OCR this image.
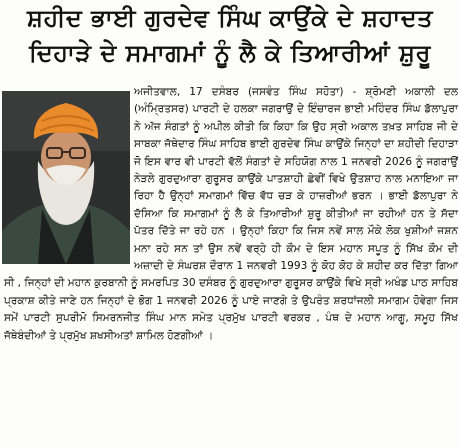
ਸ਼ਹੀਦ ਭਾਈ ਗੁਰਦੇਵ ਸਿੰਘ ਕਾਉਂਕੇ ਦੇ ਸ਼ਹਾਦਤ
ਦਿਹਾੜੇ ਦੇ ਸਮਾਗਮਾਂ ਨੂੰ ਲੈ ਕੇ ਤਿਆਰੀਆਂ ਸ਼ੁਰੂ

ਅਜੀਤਵਾਲ, 17 ਦਸੰਬਰ (ਜਸਵੰਤ ਸਿੰਘ ਸਹੋਤਾ) - ਸ਼੍ਰੋਮਣੀ ਅਕਾਲੀ ਦਲ (ਅੰਮ੍ਰਿਤਸਰ) ਪਾਰਟੀ ਦੇ ਹਲਕਾ ਜਗਰਾਉਂ ਦੇ ਇੰਚਾਰਜ ਭਾਈ ਮਹਿੰਦਰ ਸਿੰਘ ਡੱਲਾਪੁਰਾ ਨੇ ਅੱਜ ਸੰਗਤਾਂ ਨੂੰ ਅਪੀਲ ਕੀਤੀ ਕਿ ਕਿਹਾ ਕਿ ਉਹ ਸ੍ਰੀ ਅਕਾਲ ਤਖ਼ਤ ਸਾਹਿਬ ਜੀ ਦੇ ਸਾਬਕਾ ਜੱਥੇਦਾਰ ਸਿੰਘ ਸਾਹਿਬ ਭਾਈ ਗੁਰਦੇਵ ਸਿੰਘ ਕਾਉਂਕੇ ਜਿਨ੍ਹਾਂ ਦਾ ਸ਼ਹੀਦੀ ਦਿਹਾੜਾ ਜੋ ਇਸ ਵਾਰ ਵੀ ਪਾਰਟੀ ਵੱਲੋਂ ਸੰਗਤਾਂ ਦੇ ਸਹਿਯੋਗ ਨਾਲ 1 ਜਨਵਰੀ 2026 ਨੂੰ ਜਗਰਾਉਂ ਨੇੜਲੇ ਗੁਰਦੁਆਰਾ ਗੁਰੂਸਰ ਕਾਉਂਕੇ ਪਾਤਸ਼ਾਹੀ ਛੇਵੀਂ ਵਿਖੇ ਉਤਸ਼ਾਹ ਨਾਲ ਮਨਾਇਆ ਜਾ ਰਿਹਾ ਹੈ ਉਨ੍ਹਾਂ ਸਮਾਗਮਾਂ ਵਿੱਚ ਵੱਧ ਚੜ ਕੇ ਹਾਜ਼ਰੀਆਂ ਭਰਨ । ਭਾਈ ਡੱਲਾਪੁਰਾ ਨੇ ਦੱਸਿਆ ਕਿ ਸਮਾਗਮਾਂ ਨੂੰ ਲੈ ਕੇ ਤਿਆਰੀਆਂ ਸ਼ੁਰੂ ਕੀਤੀਆਂ ਜਾ ਰਹੀਆਂ ਹਨ ਤੇ ਸੱਦਾ ਪੱਤਰ ਦਿੱਤੇ ਜਾ ਰਹੇ ਹਨ । ਉਨ੍ਹਾਂ ਕਿਹਾ ਕਿ ਜਿਸ ਨਵੇਂ ਸਾਲ ਮੌਕੇ ਲੋਕ ਖੁਸ਼ੀਆਂ ਜਸ਼ਨ ਮਨਾ ਰਹੇ ਸਨ ਤਾਂ ਉਸ ਨਵੇਂ ਵਰ੍ਹੇ ਹੀ ਕੌਮ ਦੇ ਇਸ ਮਹਾਨ ਸਪੂਤ ਨੂੰ ਸਿੱਖ ਕੌਮ ਦੀ ਅਜ਼ਾਦੀ ਦੇ ਸੰਘਰਸ਼ ਦੌਰਾਨ 1 ਜਨਵਰੀ 1993 ਨੂੰ ਕੋਹ ਕੋਹ ਕੇ ਸ਼ਹੀਦ ਕਰ ਦਿੱਤਾ ਗਿਆ ਸੀ , ਜਿਨ੍ਹਾਂ ਦੀ ਮਹਾਨ ਕੁਰਬਾਨੀ ਨੂੰ ਸਮਰਪਿਤ 30 ਦਸੰਬਰ ਨੂੰ ਗੁਰਦੁਆਰਾ ਗੁਰੂਸਰ ਕਾਉਂਕੇ ਵਿਖੇ ਸ੍ਰੀ ਅਖੰਡ ਪਾਠ ਸਾਹਿਬ ਪ੍ਰਕਾਸ਼ ਕੀਤੇ ਜਾਣੇ ਹਨ ਜਿਨ੍ਹਾਂ ਦੇ ਭੋਗ 1 ਜਨਵਰੀ 2026 ਨੂੰ ਪਾਏ ਜਾਣਗੇ ਤੇ ਉਪਰੰਤ ਸ਼ਰਧਾਂਜਲੀ ਸਮਾਗਮ ਹੋਵੇਗਾ ਜਿਸ ਸਮੇਂ ਪਾਰਟੀ ਸੁਪਰੀਮੋ ਸਿਮਰਨਜੀਤ ਸਿੰਘ ਮਾਨ ਸਮੇਤ ਪ੍ਰਮੁੱਖ ਪਾਰਟੀ ਵਰਕਰ , ਪੰਥ ਦੇ ਮਹਾਨ ਆਗੂ, ਸਮੂਹ ਸਿੱਖ ਜੱਥੇਬੰਦੀਆਂ ਤੇ ਪ੍ਰਮੁੱਖ ਸ਼ਖਸੀਅਤਾਂ ਸ਼ਾਮਿਲ ਹੋਣਗੀਆਂ ।
